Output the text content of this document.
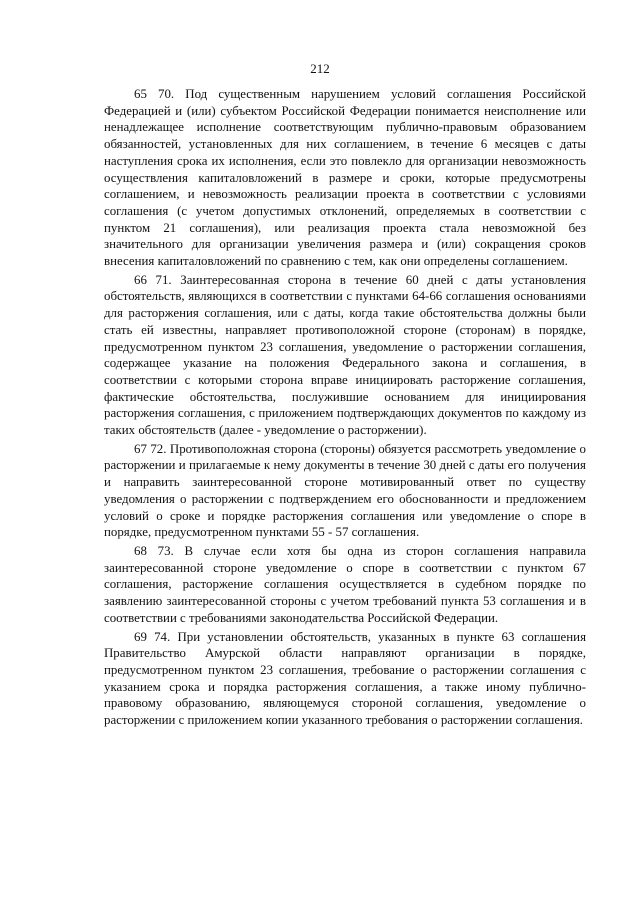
212

65 70. Под существенным нарушением условий соглашения Российской Федерацией и (или) субъектом Российской Федерации понимается неисполнение или ненадлежащее исполнение соответствующим публично-правовым образованием обязанностей, установленных для них соглашением, в течение 6 месяцев с даты наступления срока их исполнения, если это повлекло для организации невозможность осуществления капиталовложений в размере и сроки, которые предусмотрены соглашением, и невозможность реализации проекта в соответствии с условиями соглашения (с учетом допустимых отклонений, определяемых в соответствии с пунктом 21 соглашения), или реализация проекта стала невозможной без значительного для организации увеличения размера и (или) сокращения сроков внесения капиталовложений по сравнению с тем, как они определены соглашением.

66 71. Заинтересованная сторона в течение 60 дней с даты установления обстоятельств, являющихся в соответствии с пунктами 64-66 соглашения основаниями для расторжения соглашения, или с даты, когда такие обстоятельства должны были стать ей известны, направляет противоположной стороне (сторонам) в порядке, предусмотренном пунктом 23 соглашения, уведомление о расторжении соглашения, содержащее указание на положения Федерального закона и соглашения, в соответствии с которыми сторона вправе инициировать расторжение соглашения, фактические обстоятельства, послужившие основанием для инициирования расторжения соглашения, с приложением подтверждающих документов по каждому из таких обстоятельств (далее - уведомление о расторжении).

67 72. Противоположная сторона (стороны) обязуется рассмотреть уведомление о расторжении и прилагаемые к нему документы в течение 30 дней с даты его получения и направить заинтересованной стороне мотивированный ответ по существу уведомления о расторжении с подтверждением его обоснованности и предложением условий о сроке и порядке расторжения соглашения или уведомление о споре в порядке, предусмотренном пунктами 55 - 57 соглашения.

68 73. В случае если хотя бы одна из сторон соглашения направила заинтересованной стороне уведомление о споре в соответствии с пунктом 67 соглашения, расторжение соглашения осуществляется в судебном порядке по заявлению заинтересованной стороны с учетом требований пункта 53 соглашения и в соответствии с требованиями законодательства Российской Федерации.

69 74. При установлении обстоятельств, указанных в пункте 63 соглашения Правительство Амурской области направляют организации в порядке, предусмотренном пунктом 23 соглашения, требование о расторжении соглашения с указанием срока и порядка расторжения соглашения, а также иному публично-правовому образованию, являющемуся стороной соглашения, уведомление о расторжении с приложением копии указанного требования о расторжении соглашения.
